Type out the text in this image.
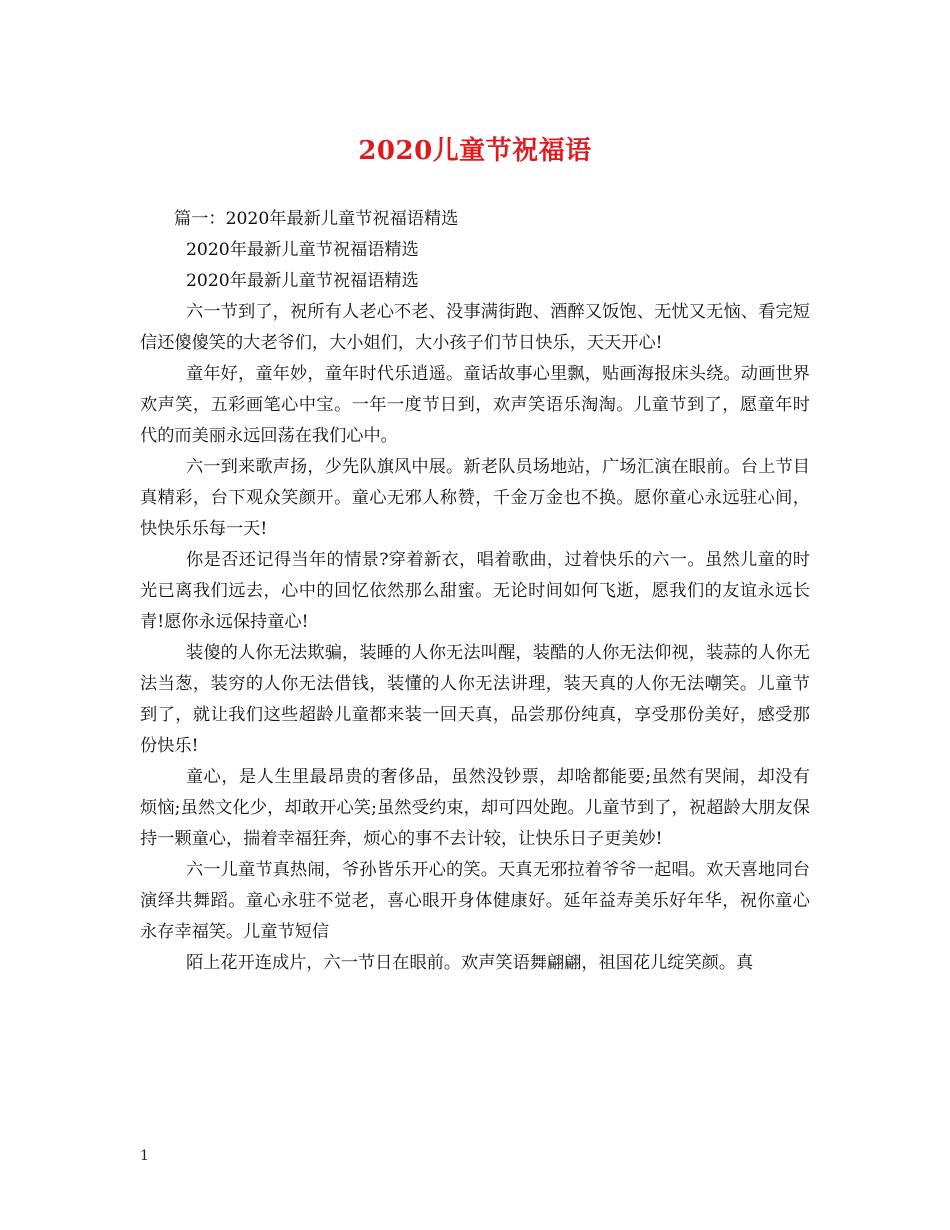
2020儿童节祝福语
篇一：2020年最新儿童节祝福语精选
2020年最新儿童节祝福语精选
2020年最新儿童节祝福语精选

六一节到了，祝所有人老心不老、没事满街跑、酒醉又饭饱、无忧又无恼、看完短信还傻傻笑的大老爷们，大小姐们，大小孩子们节日快乐，天天开心!

童年好，童年妙，童年时代乐逍遥。童话故事心里飘，贴画海报床头绕。动画世界欢声笑，五彩画笔心中宝。一年一度节日到，欢声笑语乐淘淘。儿童节到了，愿童年时代的而美丽永远回荡在我们心中。

六一到来歌声扬，少先队旗风中展。新老队员场地站，广场汇演在眼前。台上节目真精彩，台下观众笑颜开。童心无邪人称赞，千金万金也不换。愿你童心永远驻心间，快快乐乐每一天!

你是否还记得当年的情景?穿着新衣，唱着歌曲，过着快乐的六一。虽然儿童的时光已离我们远去，心中的回忆依然那么甜蜜。无论时间如何飞逝，愿我们的友谊永远长青!愿你永远保持童心!

装傻的人你无法欺骗，装睡的人你无法叫醒，装酷的人你无法仰视，装蒜的人你无法当葱，装穷的人你无法借钱，装懂的人你无法讲理，装天真的人你无法嘲笑。儿童节到了，就让我们这些超龄儿童都来装一回天真，品尝那份纯真，享受那份美好，感受那份快乐!

童心，是人生里最昂贵的奢侈品，虽然没钞票，却啥都能要;虽然有哭闹，却没有烦恼;虽然文化少，却敢开心笑;虽然受约束，却可四处跑。儿童节到了，祝超龄大朋友保持一颗童心，揣着幸福狂奔，烦心的事不去计较，让快乐日子更美妙!

六一儿童节真热闹，爷孙皆乐开心的笑。天真无邪拉着爷爷一起唱。欢天喜地同台演绎共舞蹈。童心永驻不觉老，喜心眼开身体健康好。延年益寿美乐好年华，祝你童心永存幸福笑。儿童节短信

陌上花开连成片，六一节日在眼前。欢声笑语舞翩翩，祖国花儿绽笑颜。真

1
